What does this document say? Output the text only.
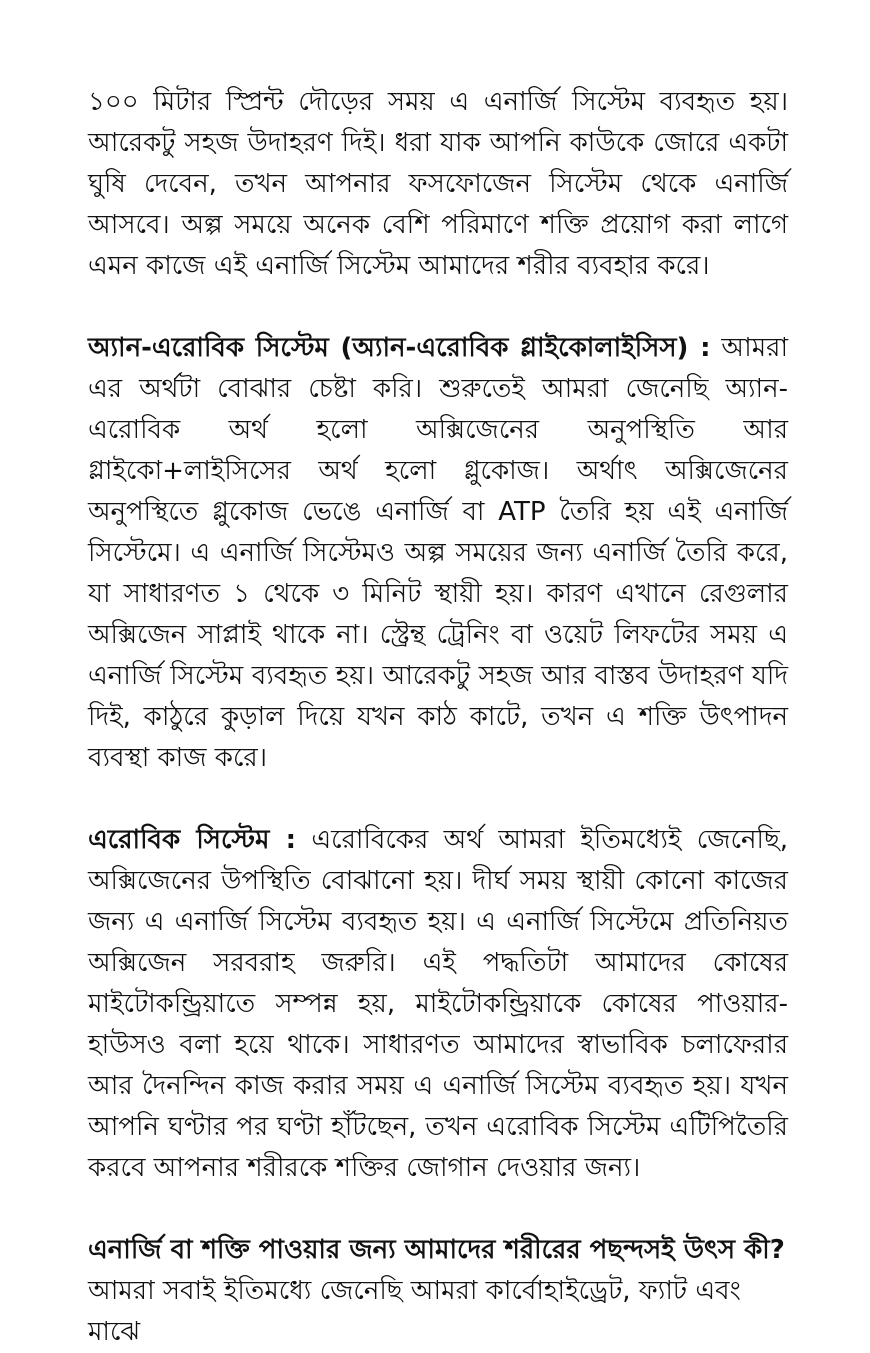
১০০ মিটার স্প্রিন্ট দৌড়ের সময় এ এনার্জি সিস্টেম ব্যবহৃত হয়। আরেকটু সহজ উদাহরণ দিই। ধরা যাক আপনি কাউকে জোরে একটা ঘুষি দেবেন, তখন আপনার ফসফোজেন সিস্টেম থেকে এনার্জি আসবে। অল্প সময়ে অনেক বেশি পরিমাণে শক্তি প্রয়োগ করা লাগে এমন কাজে এই এনার্জি সিস্টেম আমাদের শরীর ব্যবহার করে।

অ্যান-এরোবিক সিস্টেম (অ্যান-এরোবিক গ্লাইকোলাইসিস) : আমরা এর অর্থটা বোঝার চেষ্টা করি। শুরুতেই আমরা জেনেছি অ্যান-এরোবিক অর্থ হলো অক্সিজেনের অনুপস্থিতি আর গ্লাইকো+লাইসিসের অর্থ হলো গ্লুকোজ। অর্থাৎ অক্সিজেনের অনুপস্থিতে গ্লুকোজ ভেঙে এনার্জি বা ATP তৈরি হয় এই এনার্জি সিস্টেমে। এ এনার্জি সিস্টেমও অল্প সময়ের জন্য এনার্জি তৈরি করে, যা সাধারণত ১ থেকে ৩ মিনিট স্থায়ী হয়। কারণ এখানে রেগুলার অক্সিজেন সাপ্লাই থাকে না। স্ট্রেন্থ ট্রেনিং বা ওয়েট লিফটের সময় এ এনার্জি সিস্টেম ব্যবহৃত হয়। আরেকটু সহজ আর বাস্তব উদাহরণ যদি দিই, কাঠুরে কুড়াল দিয়ে যখন কাঠ কাটে, তখন এ শক্তি উৎপাদন ব্যবস্থা কাজ করে।

এরোবিক সিস্টেম : এরোবিকের অর্থ আমরা ইতিমধ্যেই জেনেছি, অক্সিজেনের উপস্থিতি বোঝানো হয়। দীর্ঘ সময় স্থায়ী কোনো কাজের জন্য এ এনার্জি সিস্টেম ব্যবহৃত হয়। এ এনার্জি সিস্টেমে প্রতিনিয়ত অক্সিজেন সরবরাহ জরুরি। এই পদ্ধতিটা আমাদের কোষের মাইটোকন্ড্রিয়াতে সম্পন্ন হয়, মাইটোকন্ড্রিয়াকে কোষের পাওয়ার-হাউসও বলা হয়ে থাকে। সাধারণত আমাদের স্বাভাবিক চলাফেরার আর দৈনন্দিন কাজ করার সময় এ এনার্জি সিস্টেম ব্যবহৃত হয়। যখন আপনি ঘণ্টার পর ঘণ্টা হাঁটছেন, তখন এরোবিক সিস্টেম এটিপিতৈরি করবে আপনার শরীরকে শক্তির জোগান দেওয়ার জন্য।

এনার্জি বা শক্তি পাওয়ার জন্য আমাদের শরীরের পছন্দসই উৎস কী?

আমরা সবাই ইতিমধ্যে জেনেছি আমরা কার্বোহাইড্রেট, ফ্যাট এবং মাঝে
